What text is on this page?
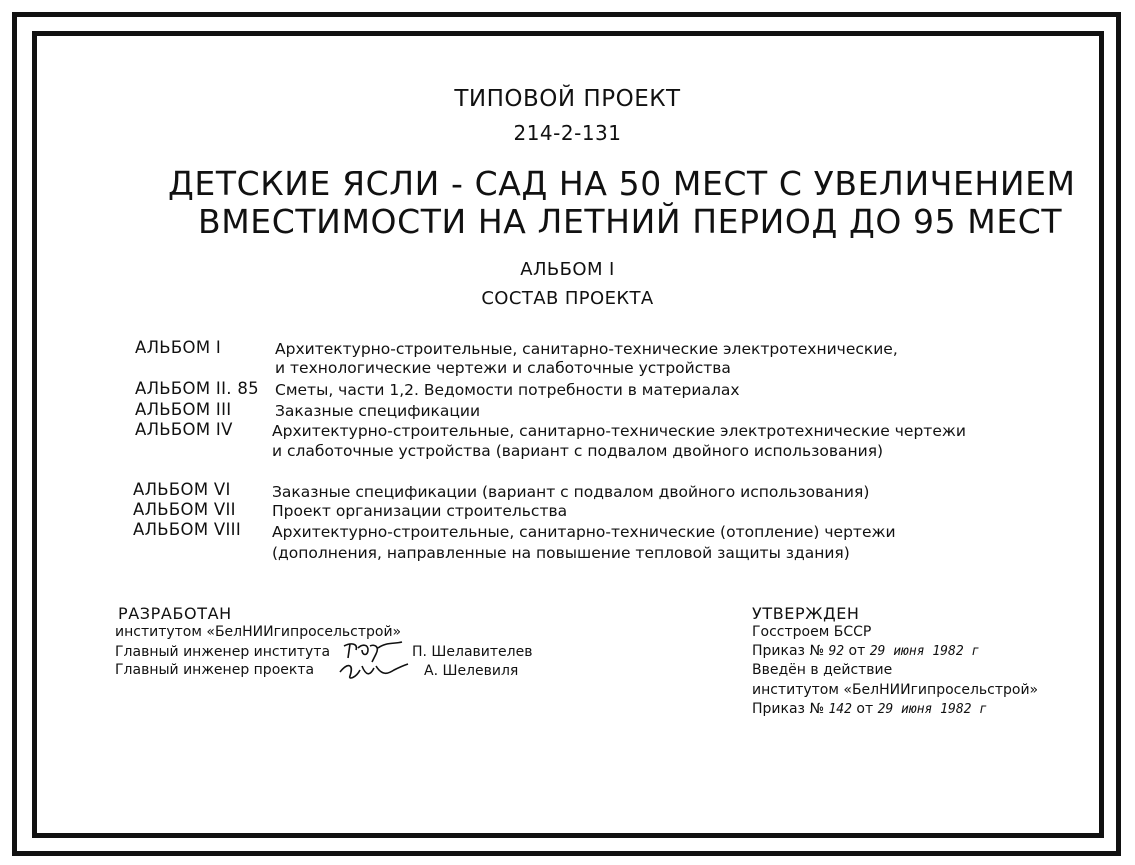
ТИПОВОЙ ПРОЕКТ
214-2-131
ДЕТСКИЕ ЯСЛИ - САД НА 50 МЕСТ С УВЕЛИЧЕНИЕМ
ВМЕСТИМОСТИ НА ЛЕТНИЙ ПЕРИОД ДО 95 МЕСТ
АЛЬБОМ I
СОСТАВ ПРОЕКТА
АЛЬБОМ I	Архитектурно-строительные, санитарно-технические электротехнические,
и технологические чертежи и слаботочные устройства
АЛЬБОМ II. 85 Сметы, части 1,2. Ведомости потребности в материалах
АЛЬБОМ III	Заказные спецификации
АЛЬБОМ IV	Архитектурно-строительные, санитарно-технические электротехнические чертежи
и слаботочные устройства (вариант с подвалом двойного использования)
АЛЬБОМ VI	Заказные спецификации (вариант с подвалом двойного использования)
АЛЬБОМ VII Проект организации строительства
АЛЬБОМ VIII Архитектурно-строительные, санитарно-технические (отопление) чертежи
(дополнения, направленные на повышение тепловой защиты здания)
РАЗРАБОТАН
институтом «БелНИИгипросельстрой»
Главный инженер института	П. Шелавителев
Главный инженер проекта	А. Шелевиля
УТВЕРЖДЕН
Госстроем БССР
Приказ № 92 от 29 июня 1982 г
Введён в действие
институтом «БелНИИгипросельстрой»
Приказ № 142 от 29 июня 1982 г
